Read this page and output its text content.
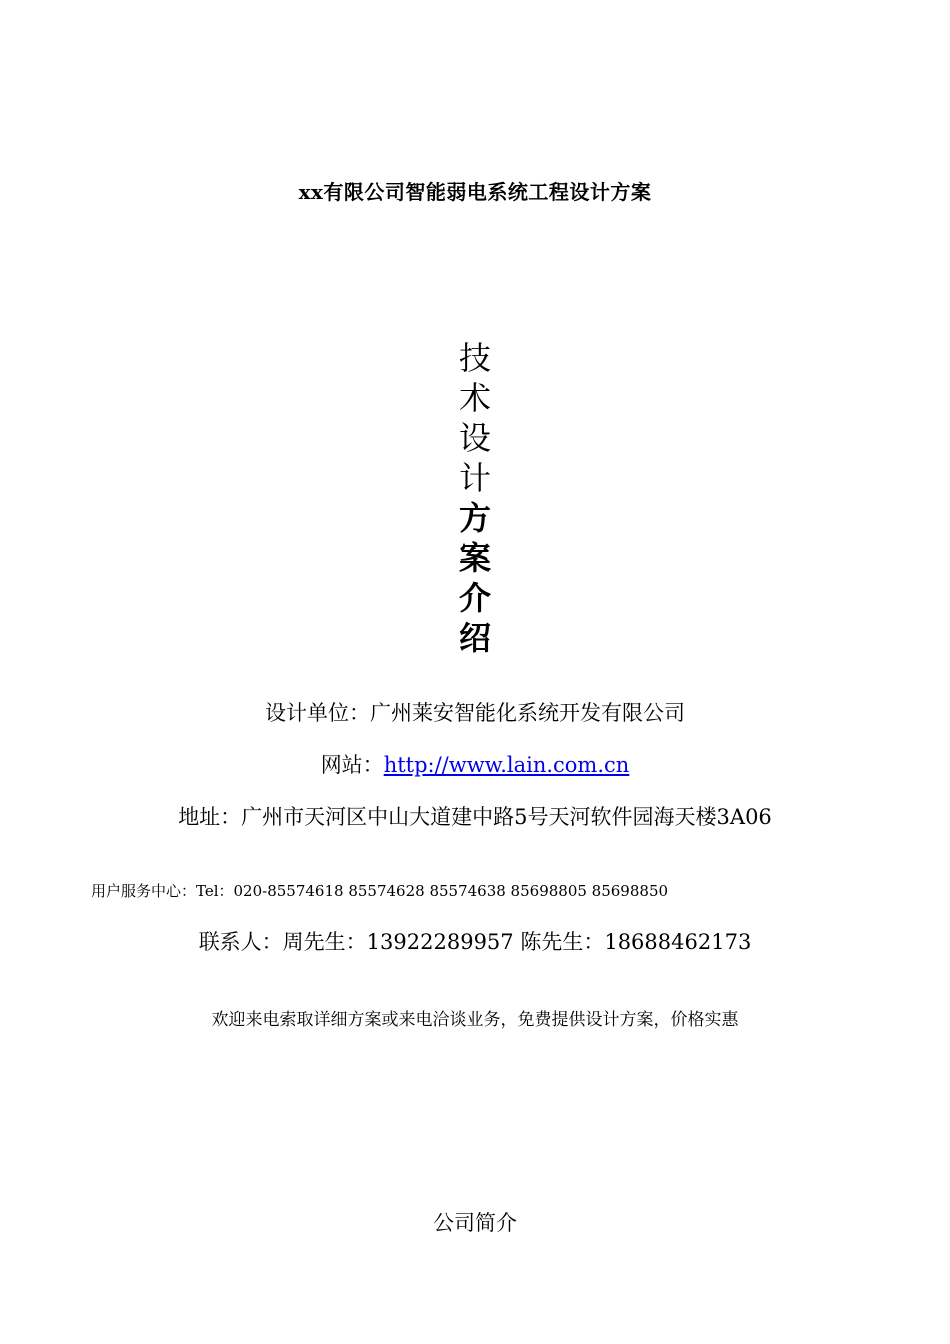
xx有限公司智能弱电系统工程设计方案
技
术
设
计
方
案
介
绍
设计单位：广州莱安智能化系统开发有限公司
网站：http://www.lain.com.cn
地址：广州市天河区中山大道建中路5号天河软件园海天楼3A06
用户服务中心：Tel：020-85574618 85574628 85574638 85698805 85698850
联系人：周先生：13922289957 陈先生：18688462173
欢迎来电索取详细方案或来电洽谈业务，免费提供设计方案，价格实惠
公司简介
